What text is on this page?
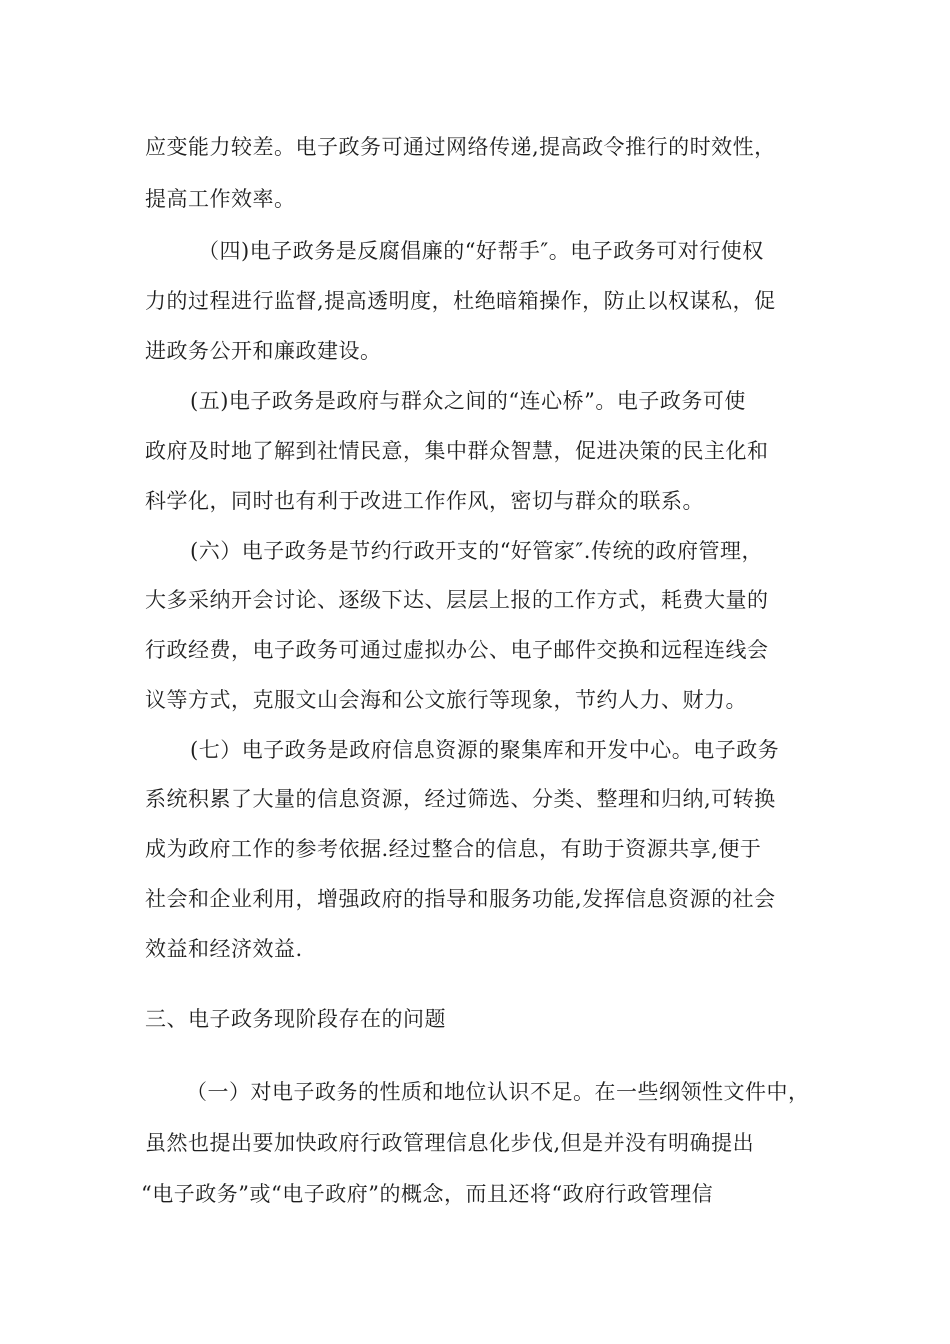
应变能力较差。电子政务可通过网络传递,提高政令推行的时效性，
提高工作效率。
（四)电子政务是反腐倡廉的“好帮手″。电子政务可对行使权
力的过程进行监督,提高透明度，杜绝暗箱操作，防止以权谋私，促
进政务公开和廉政建设。
(五)电子政务是政府与群众之间的“连心桥”。电子政务可使
政府及时地了解到社情民意，集中群众智慧，促进决策的民主化和
科学化，同时也有利于改进工作作风，密切与群众的联系。
(六）电子政务是节约行政开支的“好管家″.传统的政府管理，
大多采纳开会讨论、逐级下达、层层上报的工作方式，耗费大量的
行政经费，电子政务可通过虚拟办公、电子邮件交换和远程连线会
议等方式，克服文山会海和公文旅行等现象，节约人力、财力。
(七）电子政务是政府信息资源的聚集库和开发中心。电子政务
系统积累了大量的信息资源，经过筛选、分类、整理和归纳,可转换
成为政府工作的参考依据.经过整合的信息，有助于资源共享,便于
社会和企业利用，增强政府的指导和服务功能,发挥信息资源的社会
效益和经济效益.
三、电子政务现阶段存在的问题
（一）对电子政务的性质和地位认识不足。在一些纲领性文件中，
虽然也提出要加快政府行政管理信息化步伐,但是并没有明确提出
“电子政务”或“电子政府”的概念，而且还将“政府行政管理信
